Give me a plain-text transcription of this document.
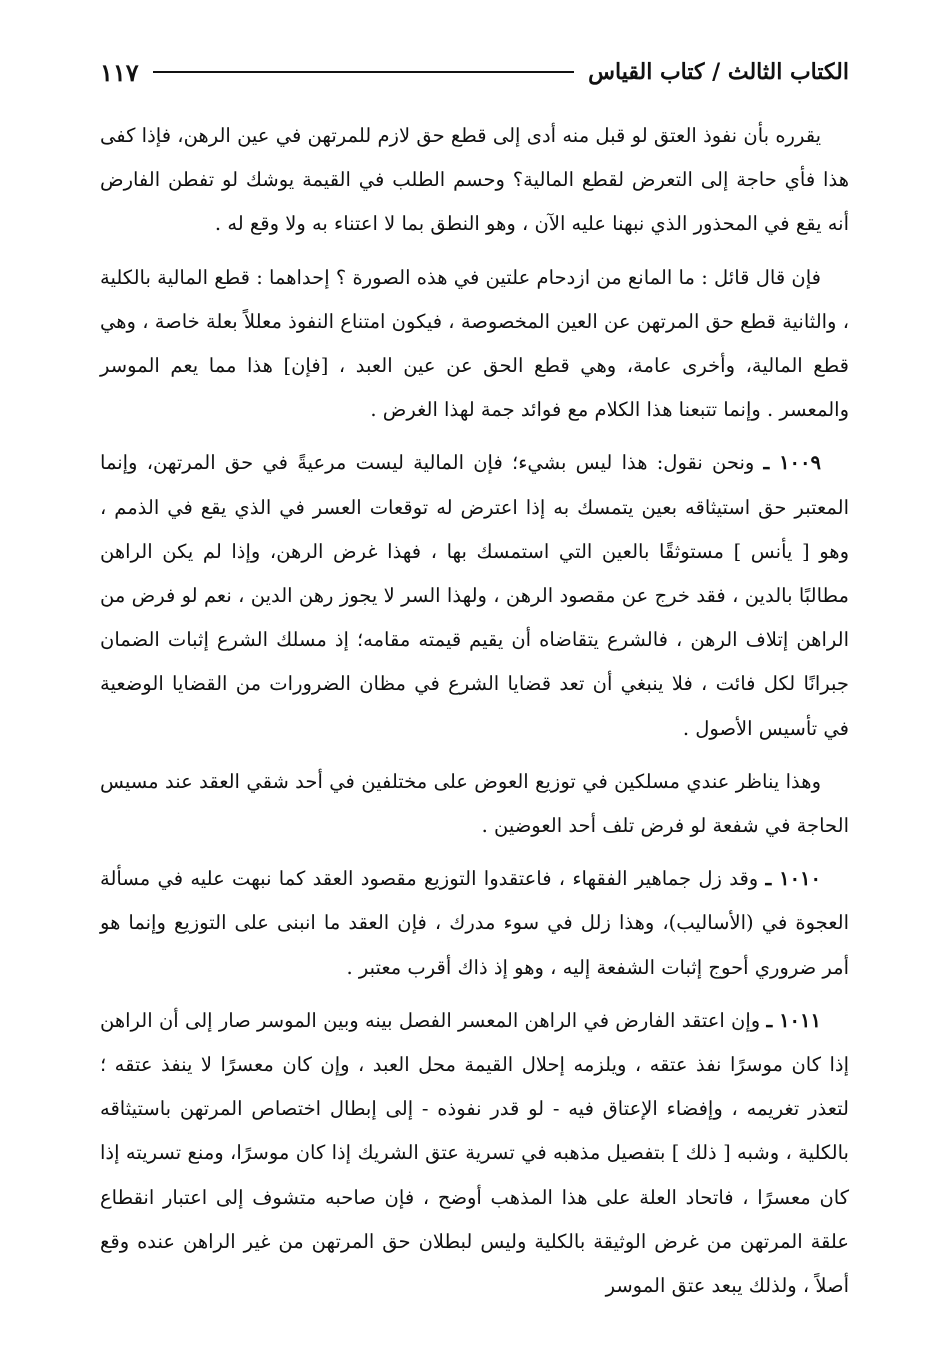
الكتاب الثالث / كتاب القياس
١١٧

يقرره بأن نفوذ العتق لو قبل منه أدى إلى قطع حق لازم للمرتهن في عين الرهن، فإذا كفى هذا فأي حاجة إلى التعرض لقطع المالية؟ وحسم الطلب في القيمة يوشك لو تفطن الفارض أنه يقع في المحذور الذي نبهنا عليه الآن ، وهو النطق بما لا اعتناء به ولا وقع له .

فإن قال قائل : ما المانع من ازدحام علتين في هذه الصورة ؟ إحداهما : قطع المالية بالكلية ، والثانية قطع حق المرتهن عن العين المخصوصة ، فيكون امتناع النفوذ معللاً بعلة خاصة ، وهي قطع المالية، وأخرى عامة، وهي قطع الحق عن عين العبد ، [فإن] هذا مما يعم الموسر والمعسر . وإنما تتبعنا هذا الكلام مع فوائد جمة لهذا الغرض .

١٠٠٩ ـ ونحن نقول: هذا ليس بشيء؛ فإن المالية ليست مرعيةً في حق المرتهن، وإنما المعتبر حق استيثاقه بعين يتمسك به إذا اعترض له توقعات العسر في الذي يقع في الذمم ، وهو [ يأنس ] مستوثقًا بالعين التي استمسك بها ، فهذا غرض الرهن، وإذا لم يكن الراهن مطالبًا بالدين ، فقد خرج عن مقصود الرهن ، ولهذا السر لا يجوز رهن الدين ، نعم لو فرض من الراهن إتلاف الرهن ، فالشرع يتقاضاه أن يقيم قيمته مقامه؛ إذ مسلك الشرع إثبات الضمان جبرانًا لكل فائت ، فلا ينبغي أن تعد قضايا الشرع في مظان الضرورات من القضايا الوضعية في تأسيس الأصول .

وهذا يناظر عندي مسلكين في توزيع العوض على مختلفين في أحد شقي العقد عند مسيس الحاجة في شفعة لو فرض تلف أحد العوضين .

١٠١٠ ـ وقد زل جماهير الفقهاء ، فاعتقدوا التوزيع مقصود العقد كما نبهت عليه في مسألة العجوة في (الأساليب)، وهذا زلل في سوء مدرك ، فإن العقد ما انبنى على التوزيع وإنما هو أمر ضروري أحوج إثبات الشفعة إليه ، وهو إذ ذاك أقرب معتبر .

١٠١١ ـ وإن اعتقد الفارض في الراهن المعسر الفصل بينه وبين الموسر صار إلى أن الراهن إذا كان موسرًا نفذ عتقه ، ويلزمه إحلال القيمة محل العبد ، وإن كان معسرًا لا ينفذ عتقه ؛ لتعذر تغريمه ، وإفضاء الإعتاق فيه - لو قدر نفوذه - إلى إبطال اختصاص المرتهن باستيثاقه بالكلية ، وشبه [ ذلك ] بتفصيل مذهبه في تسرية عتق الشريك إذا كان موسرًا، ومنع تسريته إذا كان معسرًا ، فاتحاد العلة على هذا المذهب أوضح ، فإن صاحبه متشوف إلى اعتبار انقطاع علقة المرتهن من غرض الوثيقة بالكلية وليس لبطلان حق المرتهن من غير الراهن عنده وقع أصلاً ، ولذلك يبعد عتق الموسر
